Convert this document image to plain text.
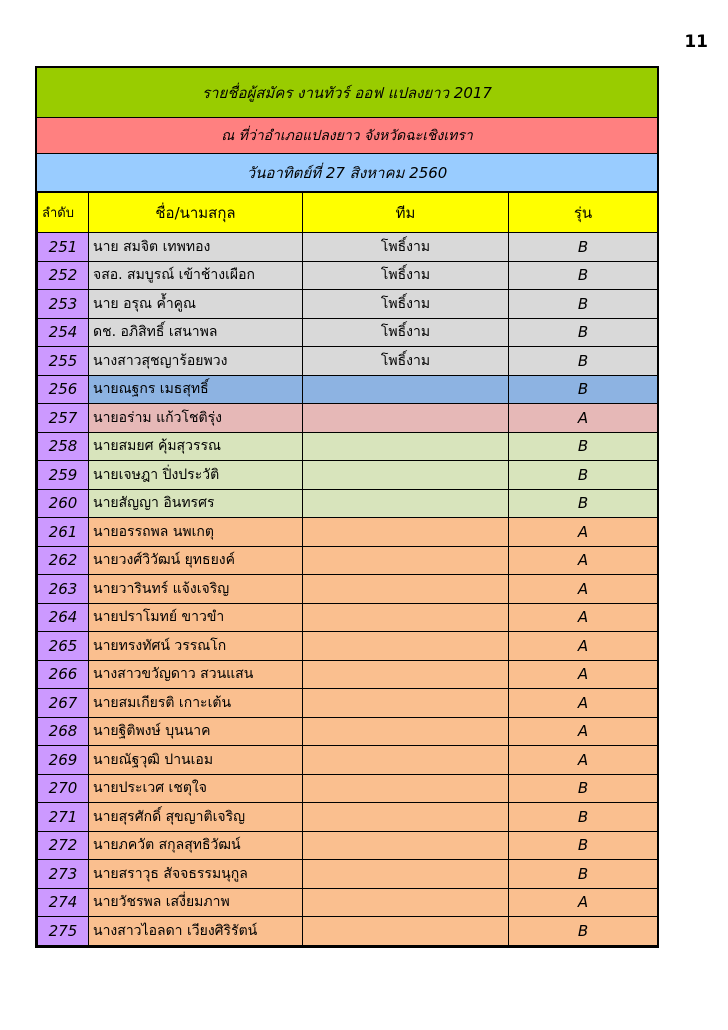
11
รายชื่อผู้สมัคร งานทัวร์ ออฟ แปลงยาว 2017
ณ ที่ว่าอำเภอแปลงยาว จังหวัดฉะเชิงเทรา
วันอาทิตย์ที่ 27 สิงหาคม 2560
ลำดับ	ชื่อ/นามสกุล	ทีม	รุ่น
251	นาย สมจิต เทพทอง	โพธิ์งาม	B
252	จสอ. สมบูรณ์ เข้าช้างเผือก	โพธิ์งาม	B
253	นาย อรุณ ค้ำคูณ	โพธิ์งาม	B
254	ดช. อภิสิทธิ์ เสนาพล	โพธิ์งาม	B
255	นางสาวสุชญาร้อยพวง	โพธิ์งาม	B
256	นายณฐกร เมธสุทธิ์		B
257	นายอร่าม แก้วโชติรุ่ง		A
258	นายสมยศ คุ้มสุวรรณ		B
259	นายเจษฎา ปิ่งประวัติ		B
260	นายสัญญา อินทรศร		B
261	นายอรรถพล นพเกตุ		A
262	นายวงศ์วิวัฒน์ ยุทธยงค์		A
263	นายวารินทร์ แจ้งเจริญ		A
264	นายปราโมทย์ ขาวขำ		A
265	นายทรงทัศน์ วรรณโก		A
266	นางสาวขวัญดาว สวนแสน		A
267	นายสมเกียรติ เกาะเต้น		A
268	นายฐิติพงษ์ บุนนาค		A
269	นายณัฐวุฒิ ปานเอม		A
270	นายประเวศ เชตุใจ		B
271	นายสุรศักดิ์ สุขญาติเจริญ		B
272	นายภควัต สกุลสุทธิวัฒน์		B
273	นายสราวุธ สัจจธรรมนุกูล		B
274	นายวัชรพล เสงี่ยมภาพ		A
275	นางสาวไอลดา เวียงศิริรัตน์		B
